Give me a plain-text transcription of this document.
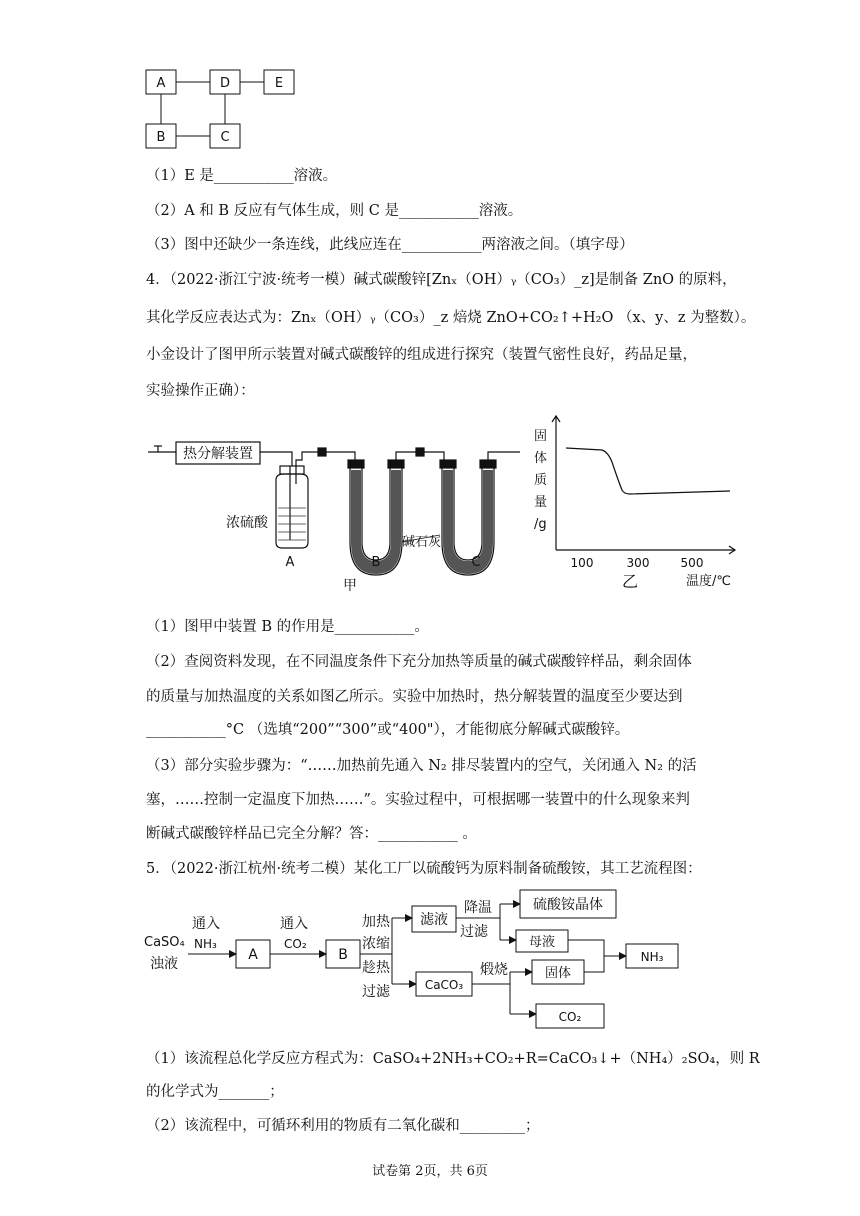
A	D	E
B	C
（1）E 是___________溶液。
（2）A 和 B 反应有气体生成，则 C 是___________溶液。
（3）图中还缺少一条连线，此线应连在___________两溶液之间。（填字母）
4．（2022·浙江宁波·统考一模）碱式碳酸锌[Znₓ（OH）ᵧ（CO₃）_z]是制备 ZnO 的原料，
其化学反应表达式为：Znₓ（OH）ᵧ（CO₃）_z 焙烧 ZnO+CO₂↑+H₂O （x、y、z 为整数）。
小金设计了图甲所示装置对碱式碳酸锌的组成进行探究（装置气密性良好，药品足量，
实验操作正确）：
热分解装置
浓硫酸
碱石灰
A	B	C
甲
固
体
质
量
/g
100	300	500
乙	温度/℃
（1）图甲中装置 B 的作用是___________。
（2）查阅资料发现，在不同温度条件下充分加热等质量的碱式碳酸锌样品，剩余固体
的质量与加热温度的关系如图乙所示。实验中加热时，热分解装置的温度至少要达到
___________°C （选填“200”“300”或“400"），才能彻底分解碱式碳酸锌。
（3）部分实验步骤为：“……加热前先通入 N₂ 排尽装置内的空气，关闭通入 N₂ 的活
塞，……控制一定温度下加热……”。实验过程中，可根据哪一装置中的什么现象来判
断碱式碳酸锌样品已完全分解？答：___________ 。
5．（2022·浙江杭州·统考二模）某化工厂以硫酸钙为原料制备硫酸铵，其工艺流程图：
CaSO₄
浊液
通入
NH₃
A
通入
CO₂
B
加热
浓缩
趁热
过滤
滤液
降温
过滤
硫酸铵晶体
母液
固体
NH₃
CaCO₃
煅烧
CO₂
（1）该流程总化学反应方程式为：CaSO₄+2NH₃+CO₂+R=CaCO₃↓+（NH₄）₂SO₄，则 R
的化学式为_______；
（2）该流程中，可循环利用的物质有二氧化碳和_________；
试卷第 2页，共 6页
